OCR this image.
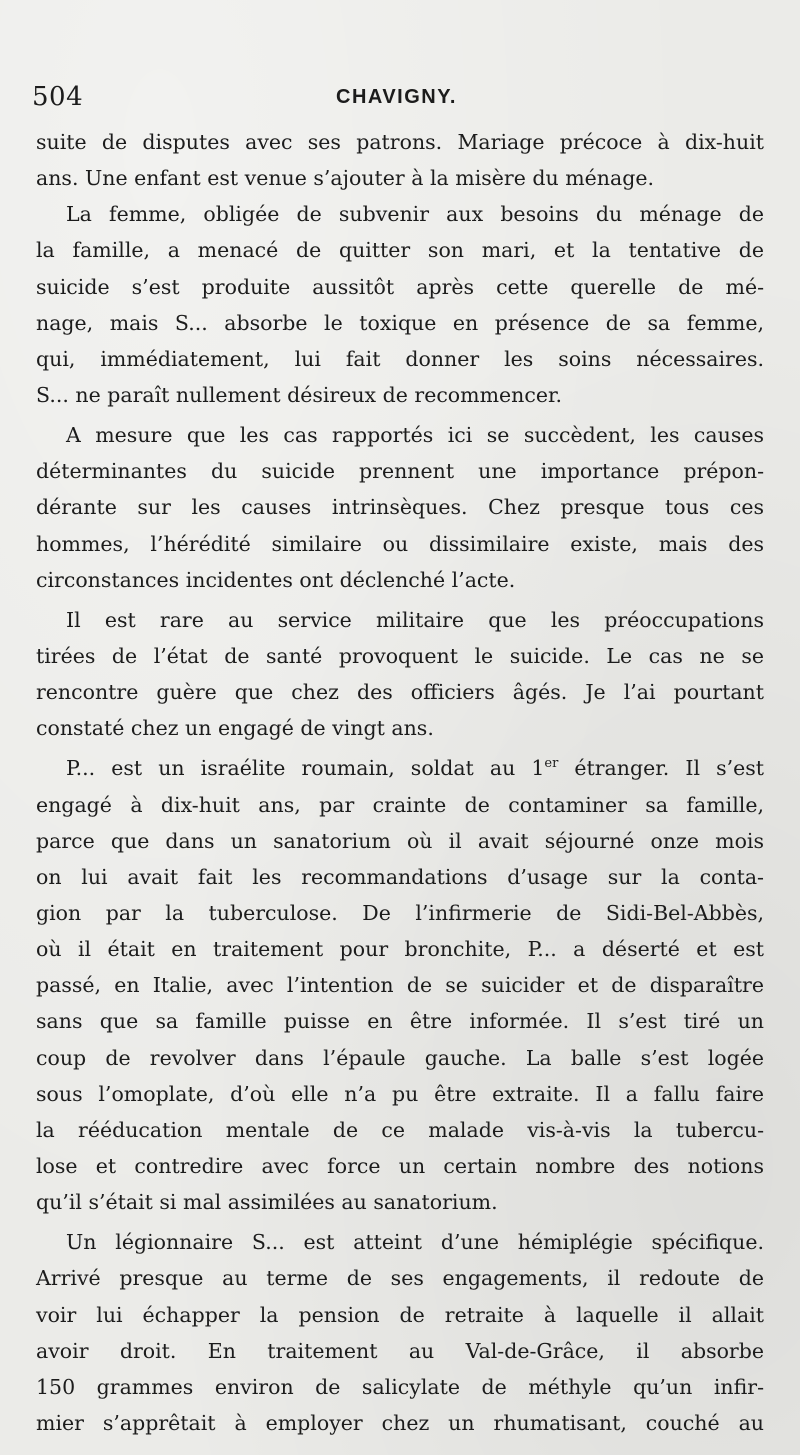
504	CHAVIGNY.
suite de disputes avec ses patrons. Mariage précoce à dix-huit
ans. Une enfant est venue s’ajouter à la misère du ménage.
La femme, obligée de subvenir aux besoins du ménage de
la famille, a menacé de quitter son mari, et la tentative de
suicide s’est produite aussitôt après cette querelle de mé-
nage, mais S... absorbe le toxique en présence de sa femme,
qui, immédiatement, lui fait donner les soins nécessaires.
S... ne paraît nullement désireux de recommencer.
A mesure que les cas rapportés ici se succèdent, les causes
déterminantes du suicide prennent une importance prépon-
dérante sur les causes intrinsèques. Chez presque tous ces
hommes, l’hérédité similaire ou dissimilaire existe, mais des
circonstances incidentes ont déclenché l’acte.
Il est rare au service militaire que les préoccupations
tirées de l’état de santé provoquent le suicide. Le cas ne se
rencontre guère que chez des officiers âgés. Je l’ai pourtant
constaté chez un engagé de vingt ans.
P... est un israélite roumain, soldat au 1er étranger. Il s’est
engagé à dix-huit ans, par crainte de contaminer sa famille,
parce que dans un sanatorium où il avait séjourné onze mois
on lui avait fait les recommandations d’usage sur la conta-
gion par la tuberculose. De l’infirmerie de Sidi-Bel-Abbès,
où il était en traitement pour bronchite, P... a déserté et est
passé, en Italie, avec l’intention de se suicider et de disparaître
sans que sa famille puisse en être informée. Il s’est tiré un
coup de revolver dans l’épaule gauche. La balle s’est logée
sous l’omoplate, d’où elle n’a pu être extraite. Il a fallu faire
la rééducation mentale de ce malade vis-à-vis la tubercu-
lose et contredire avec force un certain nombre des notions
qu’il s’était si mal assimilées au sanatorium.
Un légionnaire S... est atteint d’une hémiplégie spécifique.
Arrivé presque au terme de ses engagements, il redoute de
voir lui échapper la pension de retraite à laquelle il allait
avoir droit. En traitement au Val-de-Grâce, il absorbe
150 grammes environ de salicylate de méthyle qu’un infir-
mier s’apprêtait à employer chez un rhumatisant, couché au
